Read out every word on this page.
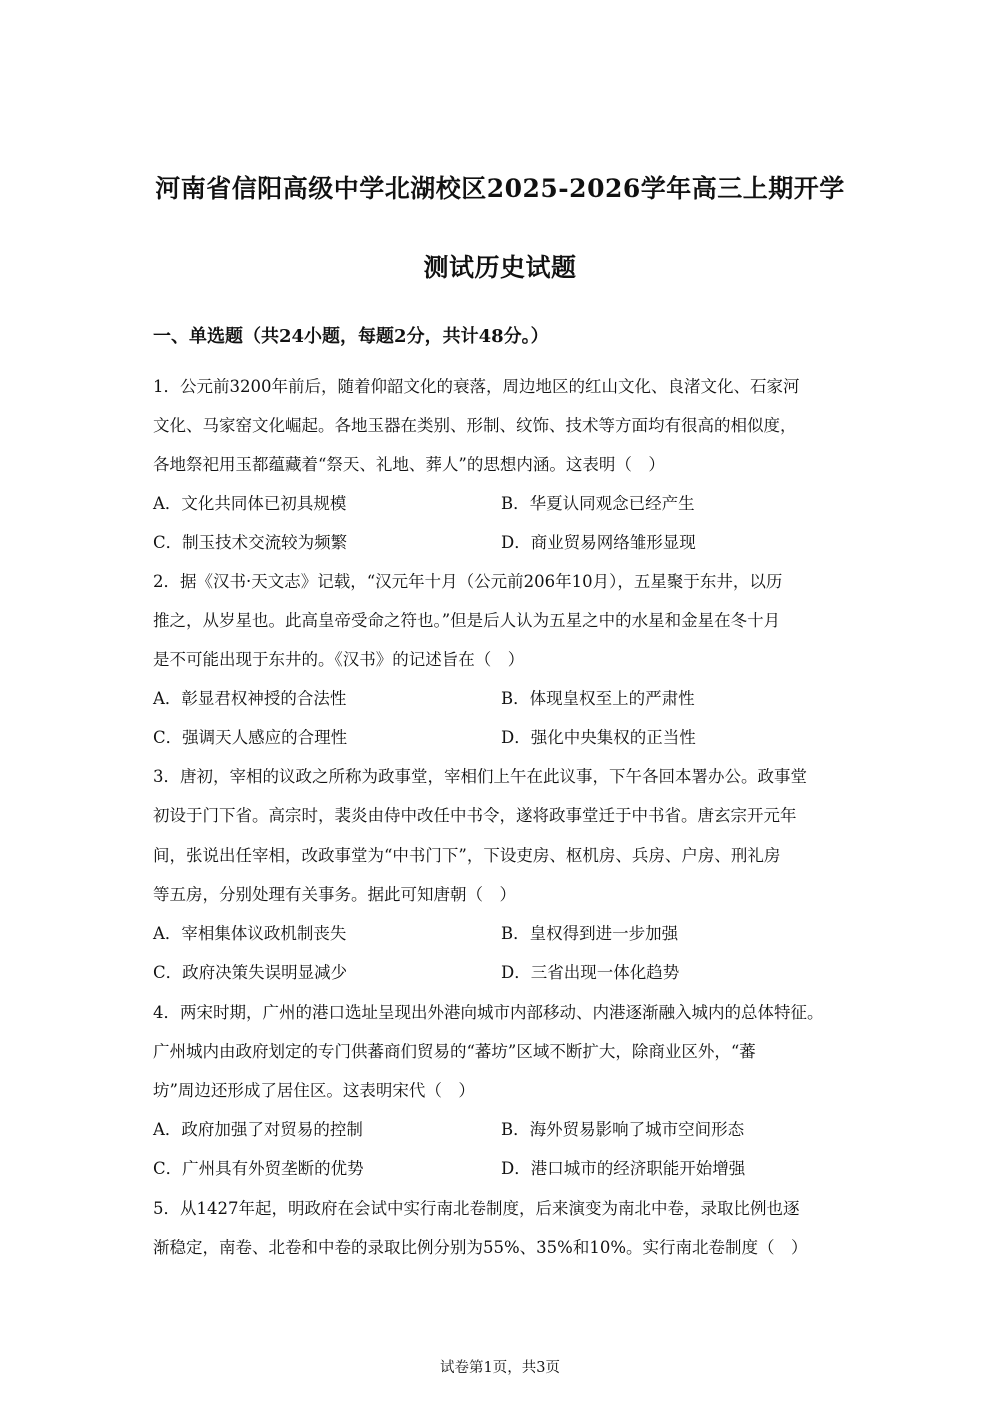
河南省信阳高级中学北湖校区2025-2026学年高三上期开学
测试历史试题
一、单选题（共24小题，每题2分，共计48分。）
1．公元前3200年前后，随着仰韶文化的衰落，周边地区的红山文化、良渚文化、石家河
文化、马家窑文化崛起。各地玉器在类别、形制、纹饰、技术等方面均有很高的相似度，
各地祭祀用玉都蕴藏着“祭天、礼地、葬人”的思想内涵。这表明（　）
A．文化共同体已初具规模	B．华夏认同观念已经产生
C．制玉技术交流较为频繁	D．商业贸易网络雏形显现
2．据《汉书·天文志》记载，“汉元年十月（公元前206年10月），五星聚于东井，以历
推之，从岁星也。此高皇帝受命之符也。”但是后人认为五星之中的水星和金星在冬十月
是不可能出现于东井的。《汉书》的记述旨在（　）
A．彰显君权神授的合法性	B．体现皇权至上的严肃性
C．强调天人感应的合理性	D．强化中央集权的正当性
3．唐初，宰相的议政之所称为政事堂，宰相们上午在此议事，下午各回本署办公。政事堂
初设于门下省。高宗时，裴炎由侍中改任中书令，遂将政事堂迁于中书省。唐玄宗开元年
间，张说出任宰相，改政事堂为“中书门下”，下设吏房、枢机房、兵房、户房、刑礼房
等五房，分别处理有关事务。据此可知唐朝（　）
A．宰相集体议政机制丧失	B．皇权得到进一步加强
C．政府决策失误明显减少	D．三省出现一体化趋势
4．两宋时期，广州的港口选址呈现出外港向城市内部移动、内港逐渐融入城内的总体特征。
广州城内由政府划定的专门供蕃商们贸易的“蕃坊”区域不断扩大，除商业区外，“蕃
坊”周边还形成了居住区。这表明宋代（　）
A．政府加强了对贸易的控制	B．海外贸易影响了城市空间形态
C．广州具有外贸垄断的优势	D．港口城市的经济职能开始增强
5．从1427年起，明政府在会试中实行南北卷制度，后来演变为南北中卷，录取比例也逐
渐稳定，南卷、北卷和中卷的录取比例分别为55%、35%和10%。实行南北卷制度（　）
试卷第1页，共3页
